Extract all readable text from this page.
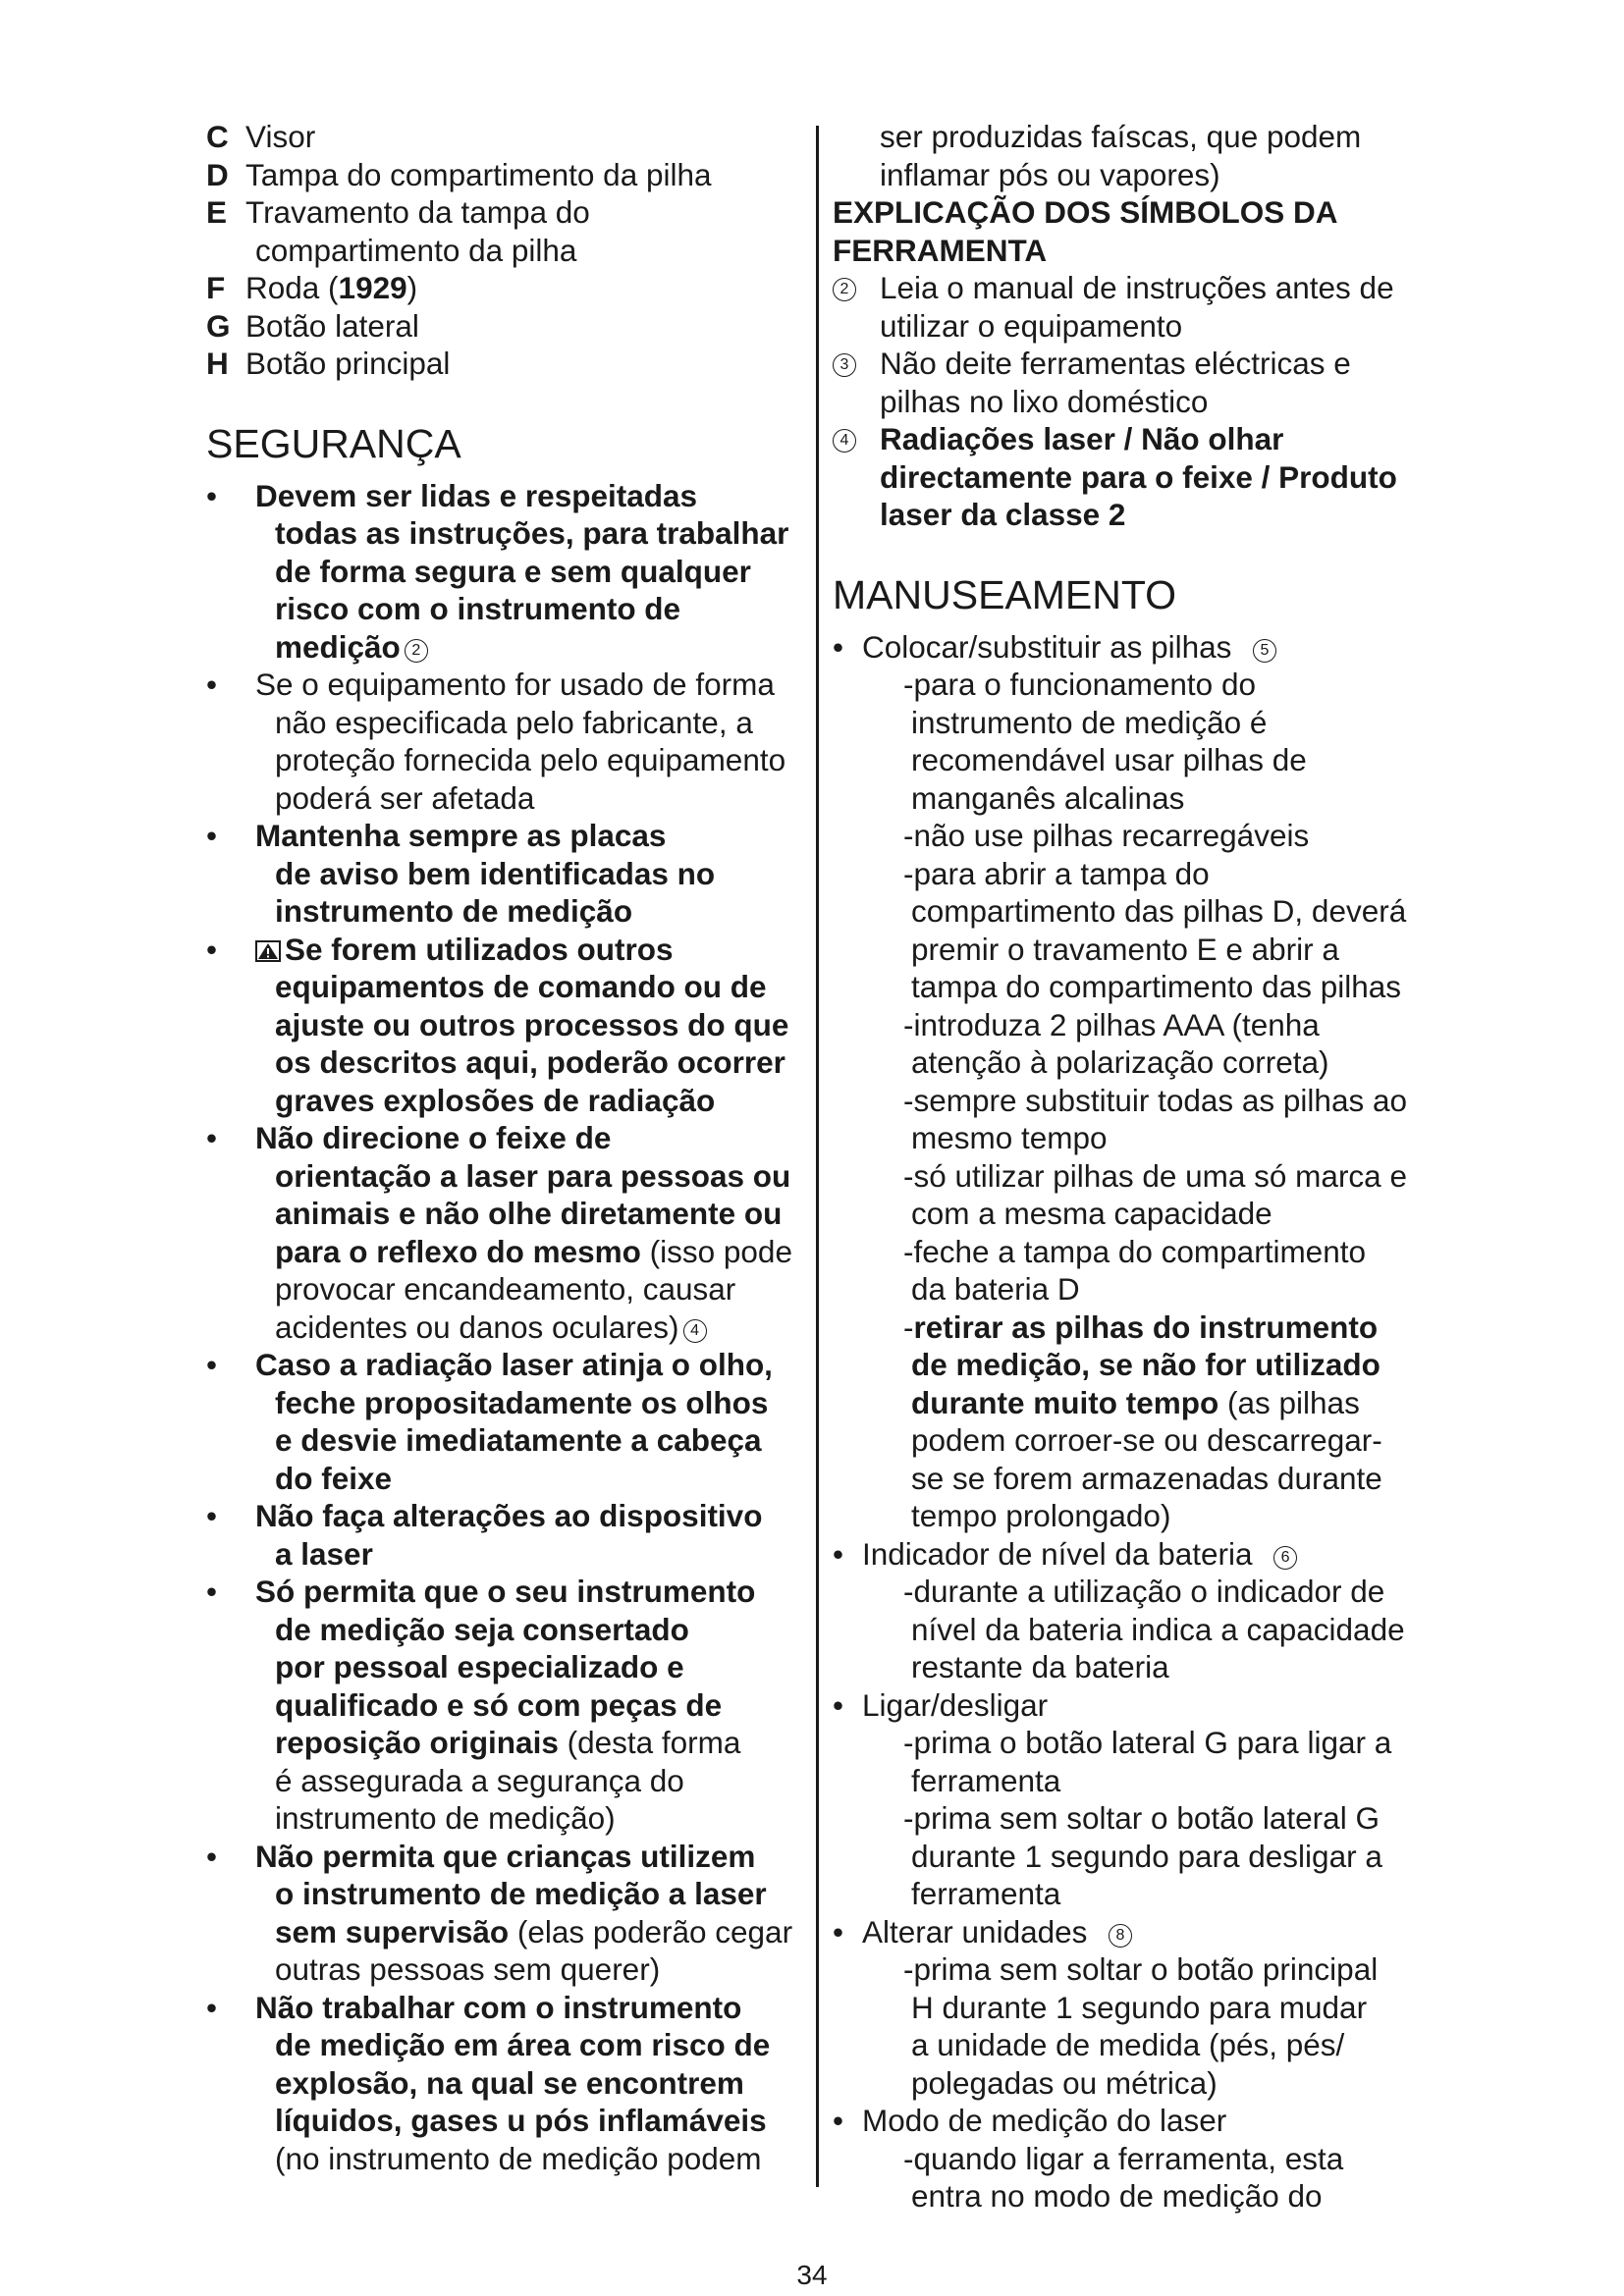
C Visor
D Tampa do compartimento da pilha
E Travamento da tampa do
compartimento da pilha
F Roda (1929)
G Botão lateral
H Botão principal
SEGURANÇA
• Devem ser lidas e respeitadas
todas as instruções, para trabalhar
de forma segura e sem qualquer
risco com o instrumento de
medição 2
• Se o equipamento for usado de forma
não especificada pelo fabricante, a
proteção fornecida pelo equipamento
poderá ser afetada
• Mantenha sempre as placas
de aviso bem identificadas no
instrumento de medição
•	Se forem utilizados outros
equipamentos de comando ou de
ajuste ou outros processos do que
os descritos aqui, poderão ocorrer
graves explosões de radiação
• Não direcione o feixe de
orientação a laser para pessoas ou
animais e não olhe diretamente ou
para o reflexo do mesmo (isso pode
provocar encandeamento, causar
acidentes ou danos oculares) 4
• Caso a radiação laser atinja o olho,
feche propositadamente os olhos
e desvie imediatamente a cabeça
do feixe
• Não faça alterações ao dispositivo
a laser
• Só permita que o seu instrumento
de medição seja consertado
por pessoal especializado e
qualificado e só com peças de
reposição originais (desta forma
é assegurada a segurança do
instrumento de medição)
• Não permita que crianças utilizem
o instrumento de medição a laser
sem supervisão (elas poderão cegar
outras pessoas sem querer)
• Não trabalhar com o instrumento
de medição em área com risco de
explosão, na qual se encontrem
líquidos, gases u pós inflamáveis
(no instrumento de medição podem
ser produzidas faíscas, que podem
inflamar pós ou vapores)
EXPLICAÇÃO DOS SÍMBOLOS DA
FERRAMENTA
2 Leia o manual de instruções antes de
utilizar o equipamento
3 Não deite ferramentas eléctricas e
pilhas no lixo doméstico
4 Radiações laser / Não olhar
directamente para o feixe / Produto
laser da classe 2
MANUSEAMENTO
• Colocar/substituir as pilhas 5
-para o funcionamento do
instrumento de medição é
recomendável usar pilhas de
manganês alcalinas
-não use pilhas recarregáveis
-para abrir a tampa do
compartimento das pilhas D, deverá
premir o travamento E e abrir a
tampa do compartimento das pilhas
-introduza 2 pilhas AAA (tenha
atenção à polarização correta)
-sempre substituir todas as pilhas ao
mesmo tempo
-só utilizar pilhas de uma só marca e
com a mesma capacidade
-feche a tampa do compartimento
da bateria D
-retirar as pilhas do instrumento
de medição, se não for utilizado
durante muito tempo (as pilhas
podem corroer-se ou descarregar-
se se forem armazenadas durante
tempo prolongado)
• Indicador de nível da bateria 6
-durante a utilização o indicador de
nível da bateria indica a capacidade
restante da bateria
• Ligar/desligar
-prima o botão lateral G para ligar a
ferramenta
-prima sem soltar o botão lateral G
durante 1 segundo para desligar a
ferramenta
• Alterar unidades 8
-prima sem soltar o botão principal
H durante 1 segundo para mudar
a unidade de medida (pés, pés/
polegadas ou métrica)
• Modo de medição do laser
-quando ligar a ferramenta, esta
entra no modo de medição do
34
